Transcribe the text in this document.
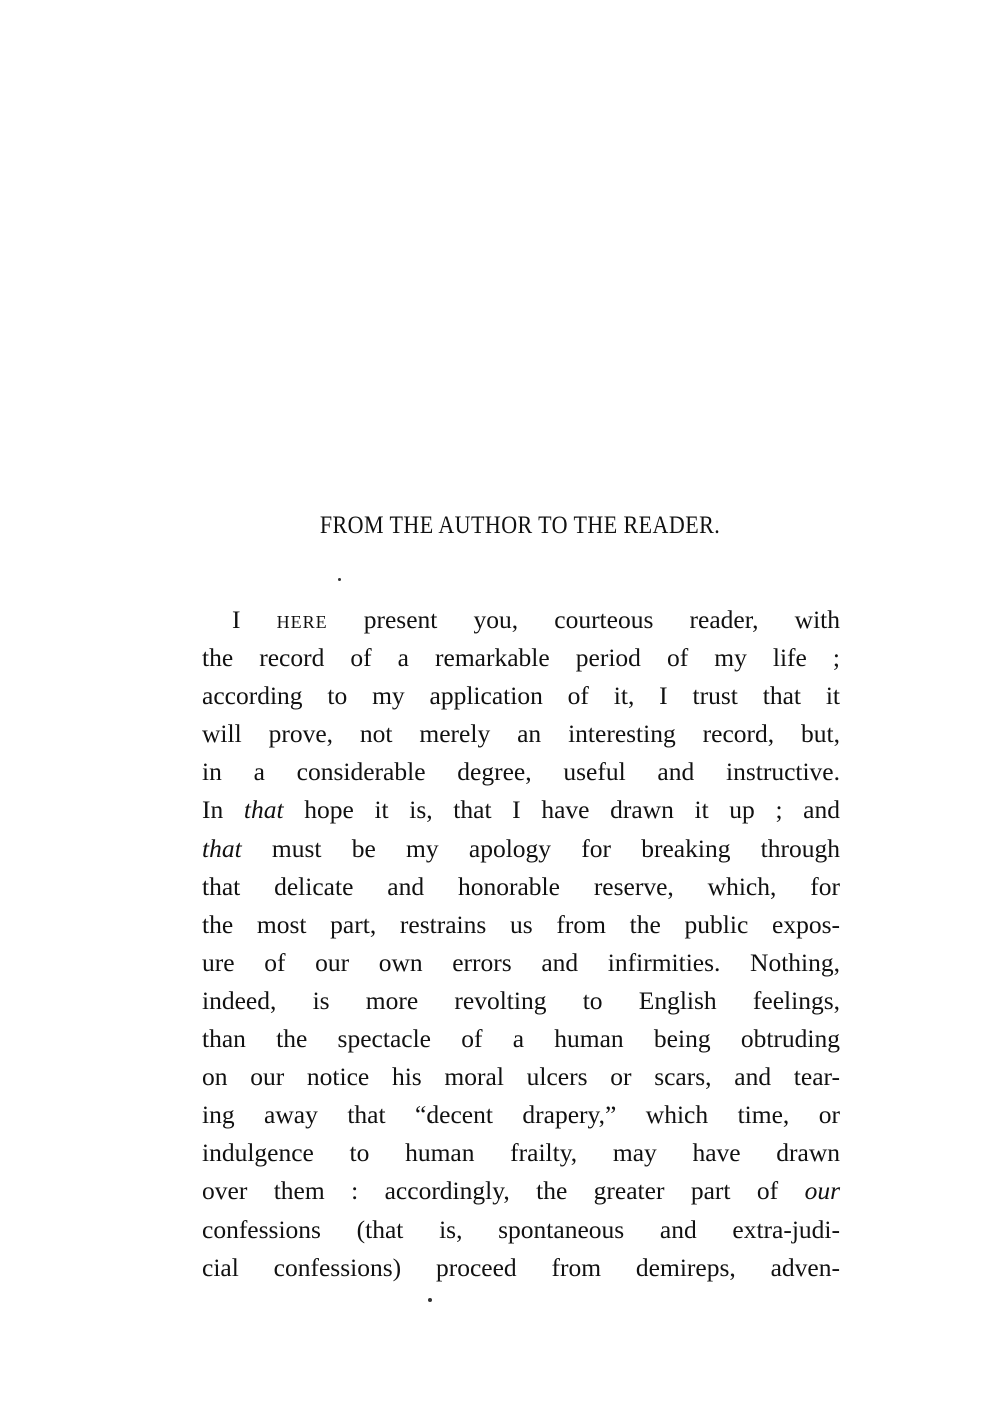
FROM THE AUTHOR TO THE READER.
I here present you, courteous reader, with
the record of a remarkable period of my life ;
according to my application of it, I trust that it
will prove, not merely an interesting record, but,
in a considerable degree, useful and instructive.
In that hope it is, that I have drawn it up ; and
that must be my apology for breaking through
that delicate and honorable reserve, which, for
the most part, restrains us from the public expos-
ure of our own errors and infirmities. Nothing,
indeed, is more revolting to English feelings,
than the spectacle of a human being obtruding
on our notice his moral ulcers or scars, and tear-
ing away that “decent drapery,” which time, or
indulgence to human frailty, may have drawn
over them : accordingly, the greater part of our
confessions (that is, spontaneous and extra-judi-
cial confessions) proceed from demireps, adven-
